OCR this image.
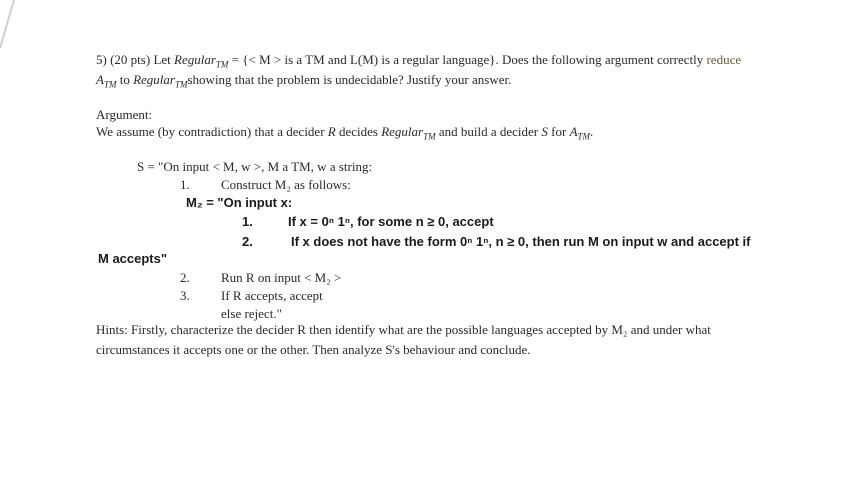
5) (20 pts) Let Regular$_{TM}$ = {< M > is a TM and L(M) is a regular language}. Does the following argument correctly reduce
$A_{TM}$ to Regular$_{TM}$showing that the problem is undecidable? Justify your answer.
Argument:
We assume (by contradiction) that a decider R decides Regular$_{TM}$ and build a decider S for $A_{TM}$.
S = "On input < M, w >, M a TM, w a string:
1. Construct M₂ as follows:
M₂ = "On input x:
1.	If x = 0ⁿ 1ⁿ, for some n ≥ 0, accept
2.	If x does not have the form 0ⁿ 1ⁿ, n ≥ 0, then run M on input w and accept if
M accepts"
2. Run R on input < M₂ >
3. If R accepts, accept
else reject."
Hints: Firstly, characterize the decider R then identify what are the possible languages accepted by M₂ and under what
circumstances it accepts one or the other. Then analyze S's behaviour and conclude.
